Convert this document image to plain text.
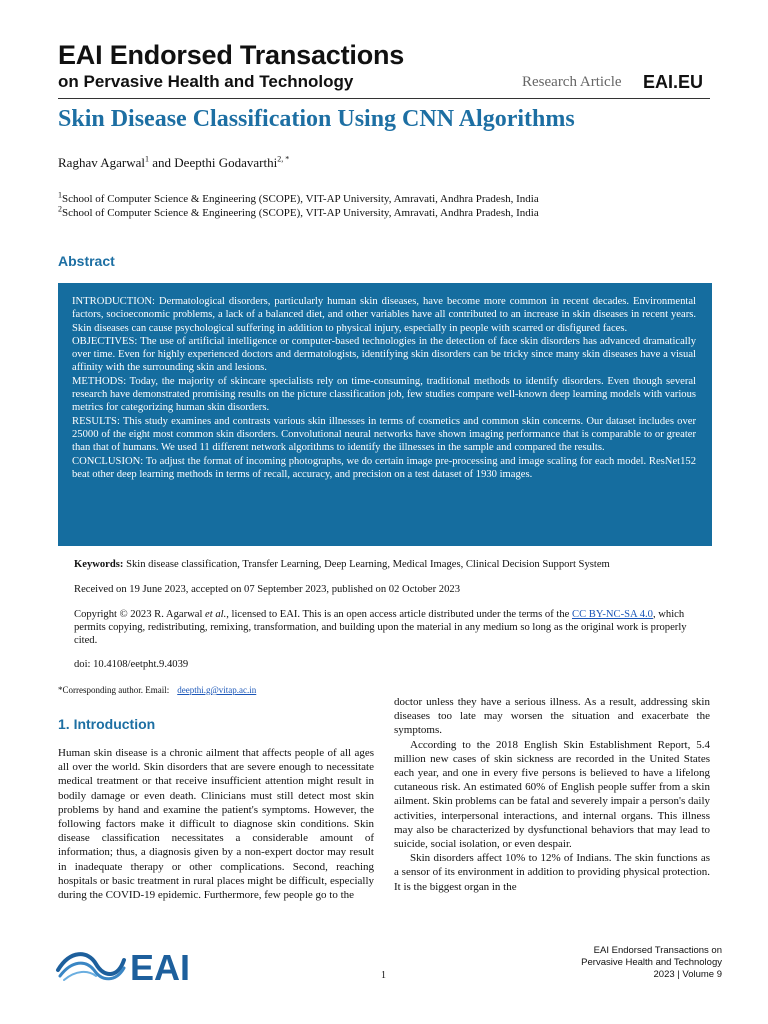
EAI Endorsed Transactions
on Pervasive Health and Technology	Research Article EAI.EU
Skin Disease Classification Using CNN Algorithms
Raghav Agarwal$^1$ and Deepthi Godavarthi$^{2, *}$
$^1$School of Computer Science & Engineering (SCOPE), VIT-AP University, Amravati, Andhra Pradesh, India
$^2$School of Computer Science & Engineering (SCOPE), VIT-AP University, Amravati, Andhra Pradesh, India
Abstract

INTRODUCTION: Dermatological disorders, particularly human skin diseases, have become more common in recent decades. Environmental factors, socioeconomic problems, a lack of a balanced diet, and other variables have all contributed to an increase in skin diseases in recent years. Skin diseases can cause psychological suffering in addition to physical injury, especially in people with scarred or disfigured faces.

OBJECTIVES: The use of artificial intelligence or computer-based technologies in the detection of face skin disorders has advanced dramatically over time. Even for highly experienced doctors and dermatologists, identifying skin disorders can be tricky since many skin diseases have a visual affinity with the surrounding skin and lesions.

METHODS: Today, the majority of skincare specialists rely on time-consuming, traditional methods to identify disorders. Even though several research have demonstrated promising results on the picture classification job, few studies compare well-known deep learning models with various metrics for categorizing human skin disorders.

RESULTS: This study examines and contrasts various skin illnesses in terms of cosmetics and common skin concerns. Our dataset includes over 25000 of the eight most common skin disorders. Convolutional neural networks have shown imaging performance that is comparable to or greater than that of humans. We used 11 different network algorithms to identify the illnesses in the sample and compared the results.

CONCLUSION: To adjust the format of incoming photographs, we do certain image pre-processing and image scaling for each model. ResNet152 beat other deep learning methods in terms of recall, accuracy, and precision on a test dataset of 1930 images.

Keywords: Skin disease classification, Transfer Learning, Deep Learning, Medical Images, Clinical Decision Support System
Received on 19 June 2023, accepted on 07 September 2023, published on 02 October 2023
Copyright © 2023 R. Agarwal et al., licensed to EAI. This is an open access article distributed under the terms of the CC BY-NC-SA 4.0, which permits copying, redistributing, remixing, transformation, and building upon the material in any medium so long as the original work is properly cited.
doi: 10.4108/eetpht.9.4039
*Corresponding author. Email: deepthi.g@vitap.ac.in
1. Introduction

Human skin disease is a chronic ailment that affects people of all ages all over the world. Skin disorders that are severe enough to necessitate medical treatment or that receive insufficient attention might result in bodily damage or even death. Clinicians must still detect most skin problems by hand and examine the patient's symptoms. However, the following factors make it difficult to diagnose skin conditions. Skin disease classification necessitates a considerable amount of information; thus, a diagnosis given by a non-expert doctor may result in inadequate therapy or other complications. Second, reaching hospitals or basic treatment in rural places might be difficult, especially during the COVID-19 epidemic. Furthermore, few people go to the

doctor unless they have a serious illness. As a result, addressing skin diseases too late may worsen the situation and exacerbate the symptoms.

According to the 2018 English Skin Establishment Report, 5.4 million new cases of skin sickness are recorded in the United States each year, and one in every five persons is believed to have a lifelong cutaneous risk. An estimated 60% of English people suffer from a skin ailment. Skin problems can be fatal and severely impair a person's daily activities, interpersonal interactions, and internal organs. This illness may also be characterized by dysfunctional behaviors that may lead to suicide, social isolation, or even despair.

Skin disorders affect 10% to 12% of Indians. The skin functions as a sensor of its environment in addition to providing physical protection. It is the biggest organ in the

EAI	1
EAI Endorsed Transactions on
Pervasive Health and Technology
2023 | Volume 9
